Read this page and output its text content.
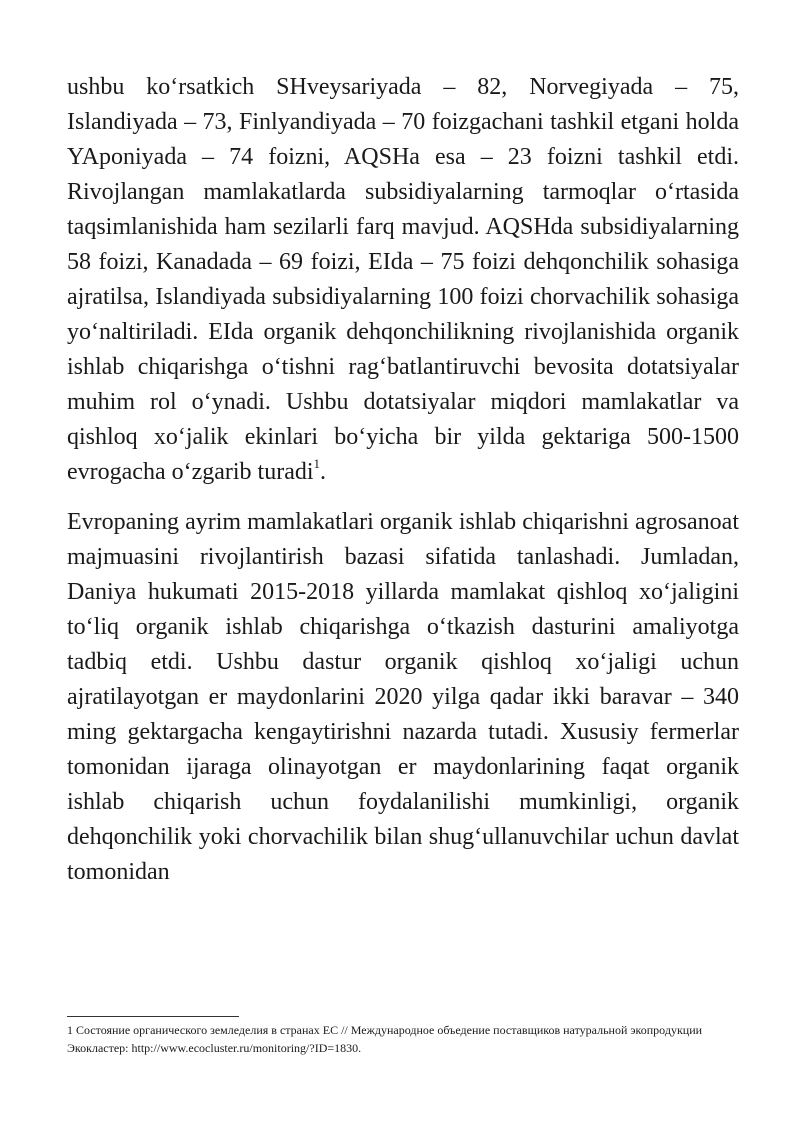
ushbu ko‘rsatkich SHveysariyada – 82, Norvegiyada – 75, Islandiyada – 73, Finlyandiyada – 70 foizgachani tashkil etgani holda YAponiyada – 74 foizni, AQSHa esa – 23 foizni tashkil etdi. Rivojlangan mamlakatlarda subsidiyalarning tarmoqlar o‘rtasida taqsimlanishida ham sezilarli farq mavjud. AQSHda subsidiyalarning 58 foizi, Kanadada – 69 foizi, EIda – 75 foizi dehqonchilik sohasiga ajratilsa, Islandiyada subsidiyalarning 100 foizi chorvachilik sohasiga yo‘naltiriladi. EIda organik dehqonchilikning rivojlanishida organik ishlab chiqarishga o‘tishni rag‘batlantiruvchi bevosita dotatsiyalar muhim rol o‘ynadi. Ushbu dotatsiyalar miqdori mamlakatlar va qishloq xo‘jalik ekinlari bo‘yicha bir yilda gektariga 500-1500 evrogacha o‘zgarib turadi$^1$.

Evropaning ayrim mamlakatlari organik ishlab chiqarishni agrosanoat majmuasini rivojlantirish bazasi sifatida tanlashadi. Jumladan, Daniya hukumati 2015-2018 yillarda mamlakat qishloq xo‘jaligini to‘liq organik ishlab chiqarishga o‘tkazish dasturini amaliyotga tadbiq etdi. Ushbu dastur organik qishloq xo‘jaligi uchun ajratilayotgan er maydonlarini 2020 yilga qadar ikki baravar – 340 ming gektargacha kengaytirishni nazarda tutadi. Xususiy fermerlar tomonidan ijaraga olinayotgan er maydonlarining faqat organik ishlab chiqarish uchun foydalanilishi mumkinligi, organik dehqonchilik yoki chorvachilik bilan shug‘ullanuvchilar uchun davlat tomonidan

1 Состояние органического земледелия в странах ЕС // Международное объедение поставщиков натуральной экопродукции Экокластер: http://www.ecocluster.ru/monitoring/?ID=1830.
